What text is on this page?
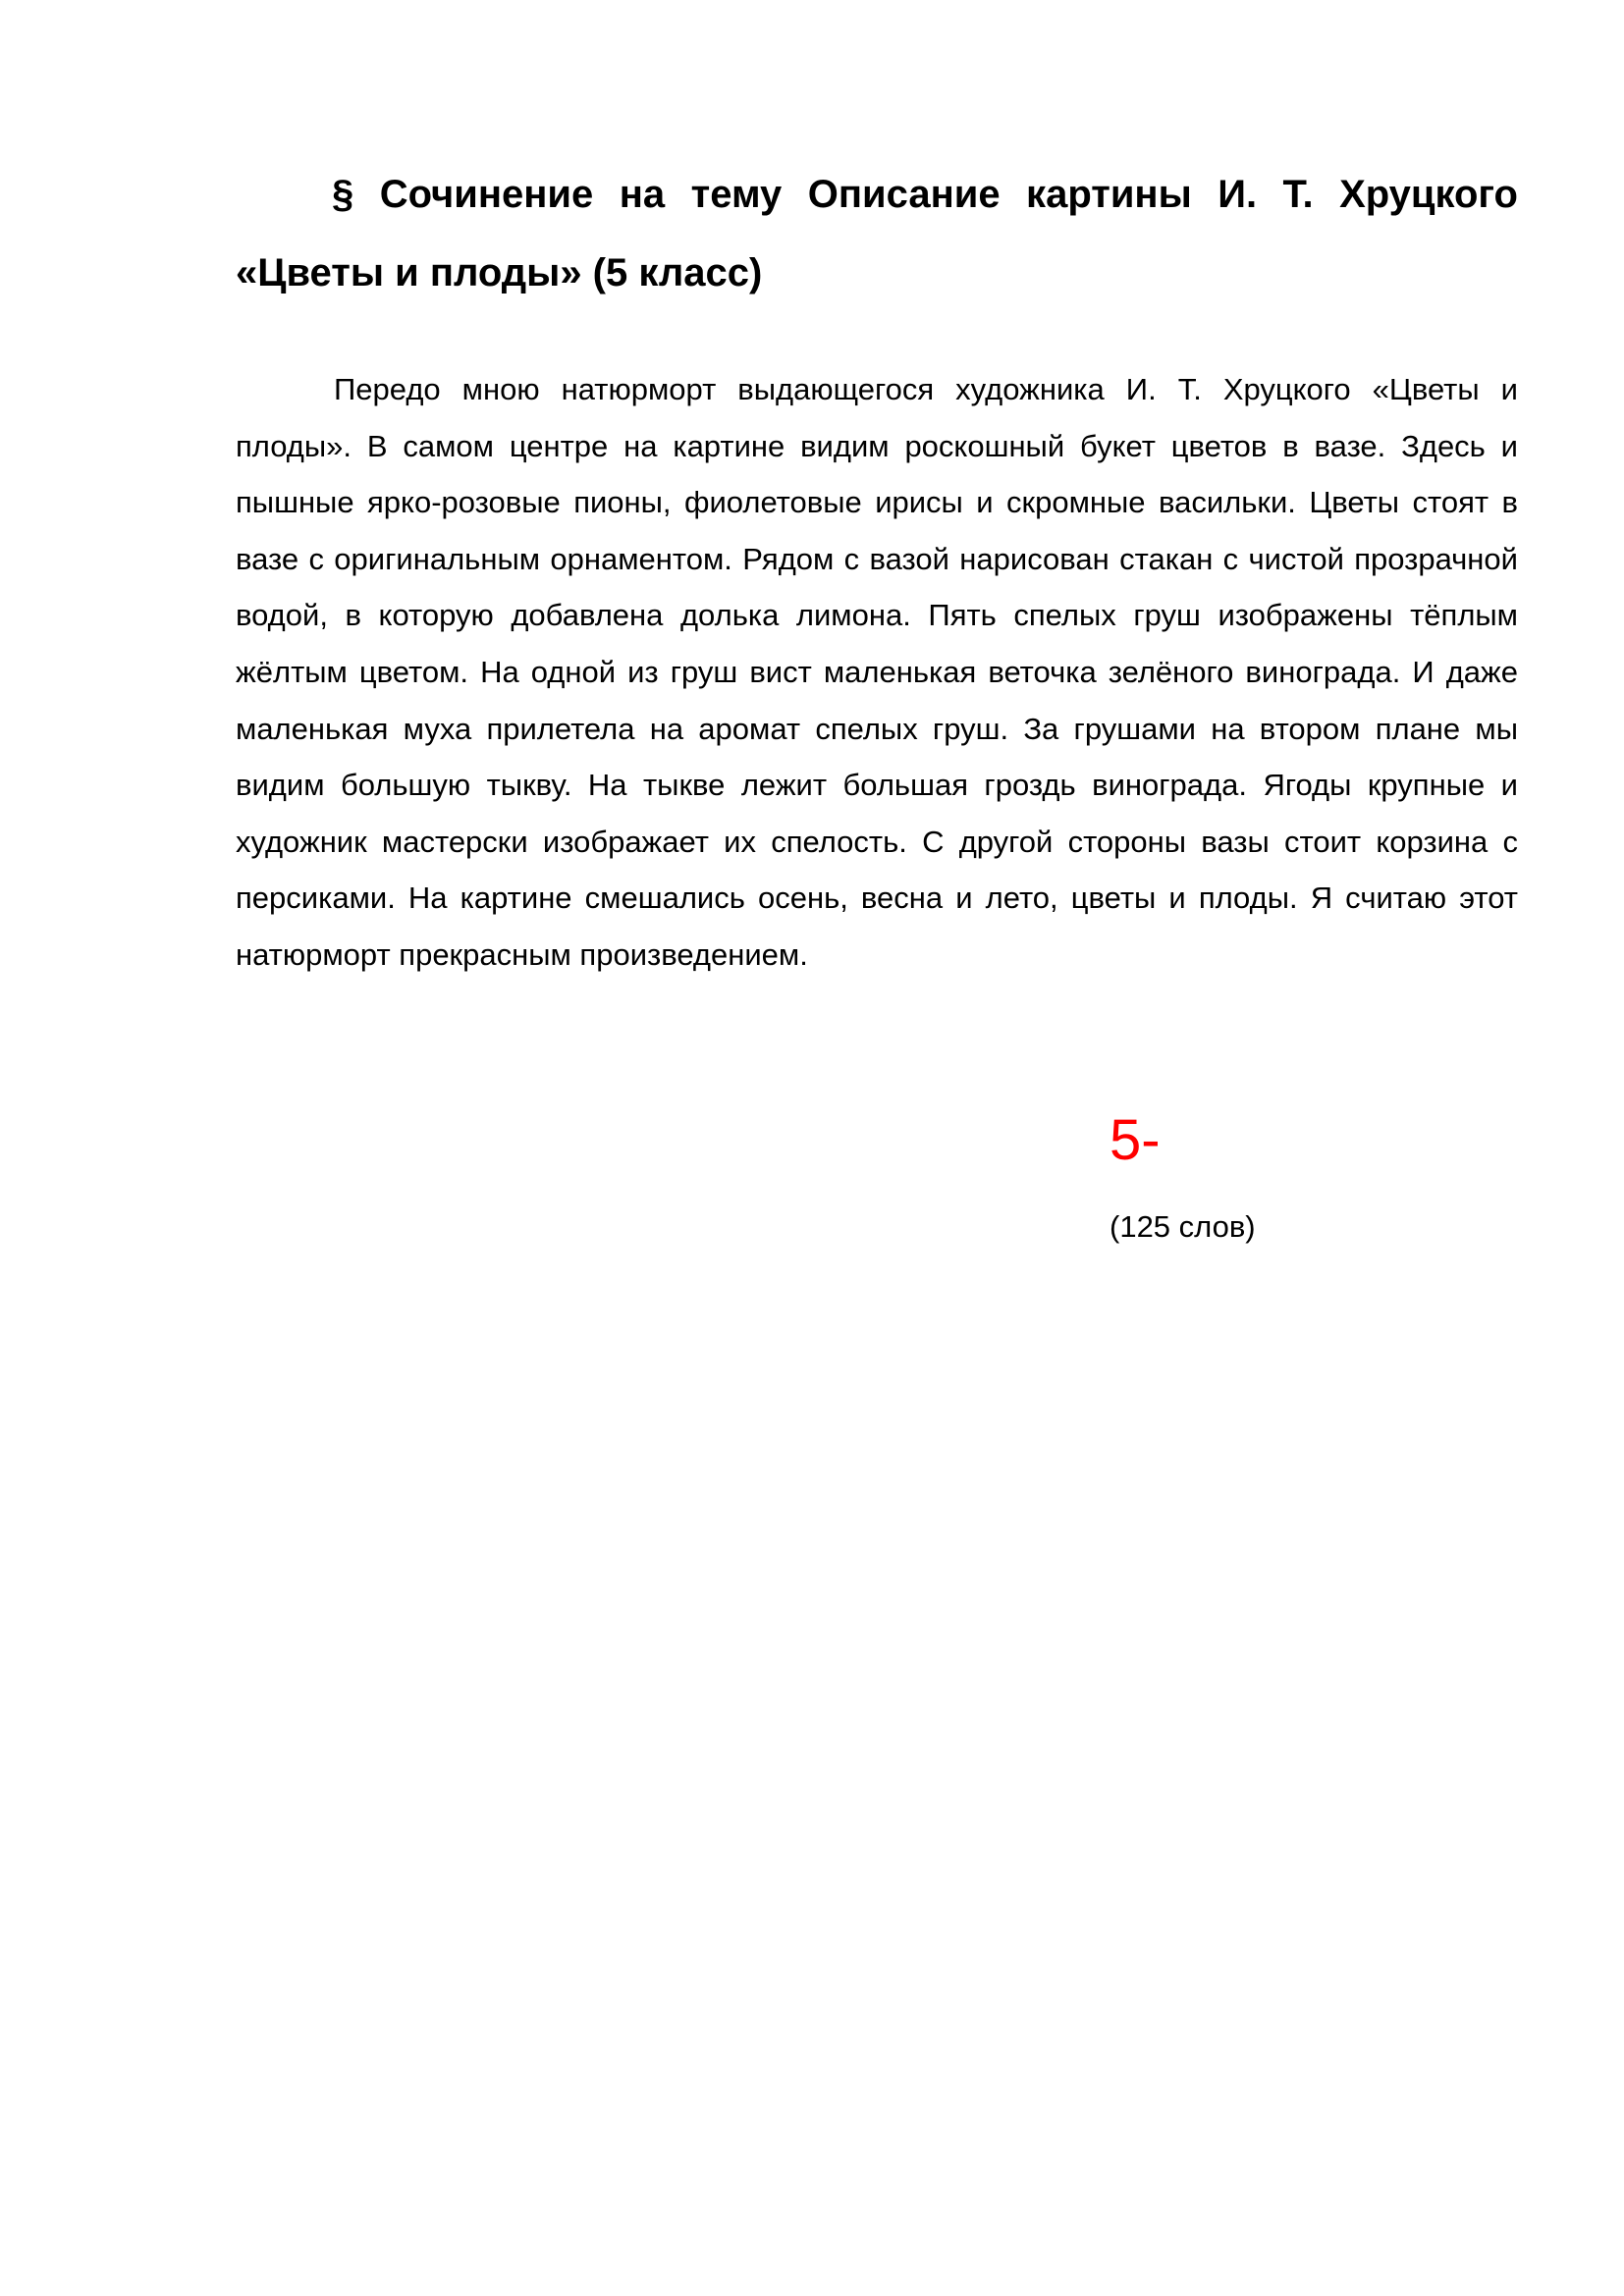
§ Сочинение на тему Описание картины И. Т. Хруцкого «Цветы и плоды» (5 класс)

Передо мною натюрморт выдающегося художника И. Т. Хруцкого «Цветы и плоды». В самом центре на картине видим роскошный букет цветов в вазе. Здесь и пышные ярко-розовые пионы, фиолетовые ирисы и скромные васильки. Цветы стоят в вазе с оригинальным орнаментом. Рядом с вазой нарисован стакан с чистой прозрачной водой, в которую добавлена долька лимона. Пять спелых груш изображены тёплым жёлтым цветом. На одной из груш вист маленькая веточка зелёного винограда. И даже маленькая муха прилетела на аромат спелых груш. За грушами на втором плане мы видим большую тыкву. На тыкве лежит большая гроздь винограда. Ягоды крупные и художник мастерски изображает их спелость. С другой стороны вазы стоит корзина с персиками. На картине смешались осень, весна и лето, цветы и плоды. Я считаю этот натюрморт прекрасным произведением.

5-
(125 слов)
